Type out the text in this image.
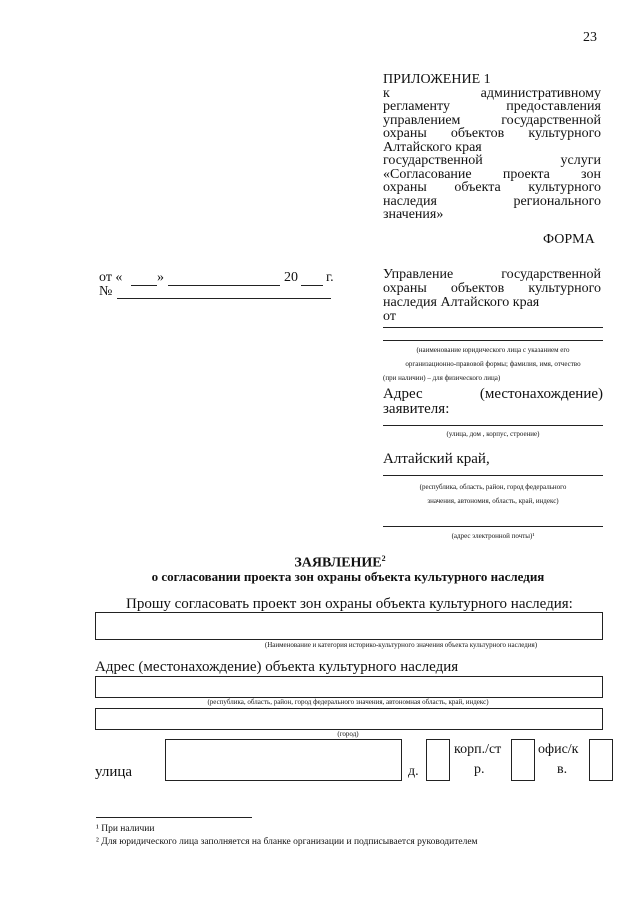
23
ПРИЛОЖЕНИЕ 1
к административному
регламенту предоставления
управлением государственной
охраны объектов культурного
Алтайского края
государственной услуги
«Согласование проекта зон
охраны объекта культурного
наследия регионального
значения»
ФОРМА
от « »	20 г.
№
Управление государственной
охраны объектов культурного
наследия Алтайского края
от
(наименование юридического лица с указанием его
организационно-правовой формы; фамилия, имя, отчество
(при наличии) – для физического лица)
Адрес	(местонахождение)
заявителя:
(улица, дом , корпус, строение)
Алтайский край,
(республика, область, район, город федерального
значения, автономия, область, край, индекс)
(адрес электронной почты)¹
ЗАЯВЛЕНИЕ$^2$
о согласовании проекта зон охраны объекта культурного наследия
Прошу согласовать проект зон охраны объекта культурного наследия:
(Наименование и категория историко-культурного значения объекта культурного наследия)
Адрес (местонахождение) объекта культурного наследия
(республика, область, район, город федерального значения, автономная область, край, индекс)
(город)
улица	д.
корп./ст
р.
офис/к
в.
¹ При наличии
² Для юридического лица заполняется на бланке организации и подписывается руководителем
